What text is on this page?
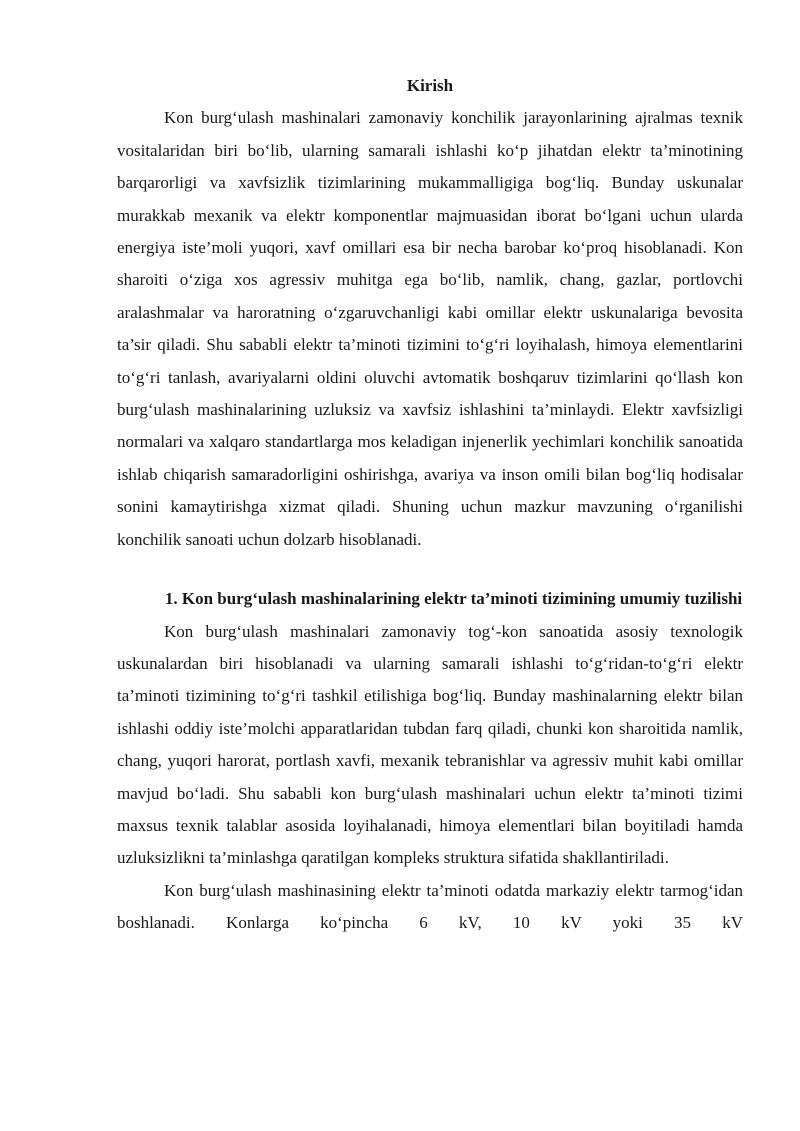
Kirish

Kon burg‘ulash mashinalari zamonaviy konchilik jarayonlarining ajralmas texnik vositalaridan biri bo‘lib, ularning samarali ishlashi ko‘p jihatdan elektr ta’minotining barqarorligi va xavfsizlik tizimlarining mukammalligiga bog‘liq. Bunday uskunalar murakkab mexanik va elektr komponentlar majmuasidan iborat bo‘lgani uchun ularda energiya iste’moli yuqori, xavf omillari esa bir necha barobar ko‘proq hisoblanadi. Kon sharoiti o‘ziga xos agressiv muhitga ega bo‘lib, namlik, chang, gazlar, portlovchi aralashmalar va haroratning o‘zgaruvchanligi kabi omillar elektr uskunalariga bevosita ta’sir qiladi. Shu sababli elektr ta’minoti tizimini to‘g‘ri loyihalash, himoya elementlarini to‘g‘ri tanlash, avariyalarni oldini oluvchi avtomatik boshqaruv tizimlarini qo‘llash kon burg‘ulash mashinalarining uzluksiz va xavfsiz ishlashini ta’minlaydi. Elektr xavfsizligi normalari va xalqaro standartlarga mos keladigan injenerlik yechimlari konchilik sanoatida ishlab chiqarish samaradorligini oshirishga, avariya va inson omili bilan bog‘liq hodisalar sonini kamaytirishga xizmat qiladi. Shuning uchun mazkur mavzuning o‘rganilishi konchilik sanoati uchun dolzarb hisoblanadi.

1. Kon burg‘ulash mashinalarining elektr ta’minoti tizimining umumiy tuzilishi

Kon burg‘ulash mashinalari zamonaviy tog‘-kon sanoatida asosiy texnologik uskunalardan biri hisoblanadi va ularning samarali ishlashi to‘g‘ridan-to‘g‘ri elektr ta’minoti tizimining to‘g‘ri tashkil etilishiga bog‘liq. Bunday mashinalarning elektr bilan ishlashi oddiy iste’molchi apparatlaridan tubdan farq qiladi, chunki kon sharoitida namlik, chang, yuqori harorat, portlash xavfi, mexanik tebranishlar va agressiv muhit kabi omillar mavjud bo‘ladi. Shu sababli kon burg‘ulash mashinalari uchun elektr ta’minoti tizimi maxsus texnik talablar asosida loyihalanadi, himoya elementlari bilan boyitiladi hamda uzluksizlikni ta’minlashga qaratilgan kompleks struktura sifatida shakllantiriladi.

Kon burg‘ulash mashinasining elektr ta’minoti odatda markaziy elektr tarmog‘idan boshlanadi. Konlarga ko‘pincha 6 kV, 10 kV yoki 35 kV
